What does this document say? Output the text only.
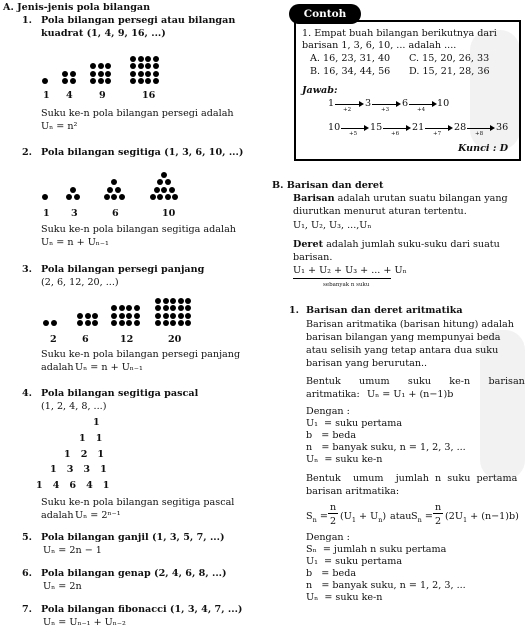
A. Jenis-jenis pola bilangan
1. Pola bilangan persegi atau bilangan
kuadrat (1, 4, 9, 16, ...)
1 4	9	16
Suku ke-n pola bilangan persegi adalah
Uₙ = n²
2. Pola bilangan segitiga (1, 3, 6, 10, ...)
1 3	6	10
Suku ke-n pola bilangan segitiga adalah
Uₙ = n + Uₙ₋₁
3. Pola bilangan persegi panjang
(2, 6, 12, 20, ...)
2	6	12	20
Suku ke-n pola bilangan persegi panjang
adalah Uₙ = n + Uₙ₋₁
4. Pola bilangan segitiga pascal
(1, 2, 4, 8, ...)
1
1   1
1   2   1
1   3   3   1
1   4   6   4   1
Suku ke-n pola bilangan segitiga pascal
adalah Uₙ = 2ⁿ⁻¹
5. Pola bilangan ganjil (1, 3, 5, 7, ...)
Uₙ = 2n − 1
6. Pola bilangan genap (2, 4, 6, 8, ...)
Uₙ = 2n
7. Pola bilangan fibonacci (1, 3, 4, 7, ...)
Uₙ = Uₙ₋₁ + Uₙ₋₂
Contoh
1. Empat buah bilangan berikutnya dari
barisan 1, 3, 6, 10, ... adalah ....
A. 16, 23, 31, 40 C. 15, 20, 26, 33
B. 16, 34, 44, 56 D. 15, 21, 28, 36
Jawab:
1
+2
3
+3
6
+4
10
10
+5
15
+6
21
+7
28
+8
36
Kunci : D
B. Barisan dan deret
Barisan adalah urutan suatu bilangan yang
diurutkan menurut aturan tertentu.
U₁, U₂, U₃, ...,Uₙ
Deret adalah jumlah suku-suku dari suatu
barisan.
U₁ + U₂ + U₃ + ... + Uₙ
sebanyak n suku
1. Barisan dan deret aritmatika
Barisan aritmatika (barisan hitung) adalah
barisan bilangan yang mempunyai beda
atau selisih yang tetap antara dua suku
barisan yang berurutan..
Bentuk      umum      suku      ke-n      barisan
aritmatika: Uₙ = U₁ + (n−1)b
Dengan :
U₁  = suku pertama
b   = beda
n   = banyak suku, n = 1, 2, 3, ...
Uₙ  = suku ke-n
Bentuk    umum    jumlah  n  suku  pertama
barisan aritmatika:
$S_n$ =
n
2 $(U_1 + U_n)$ atau $S_n$ =
n
2 $(2U_1 + (n-1)b)$
Dengan :
Sₙ  = jumlah n suku pertama
U₁  = suku pertama
b   = beda
n   = banyak suku, n = 1, 2, 3, ...
Uₙ  = suku ke-n
